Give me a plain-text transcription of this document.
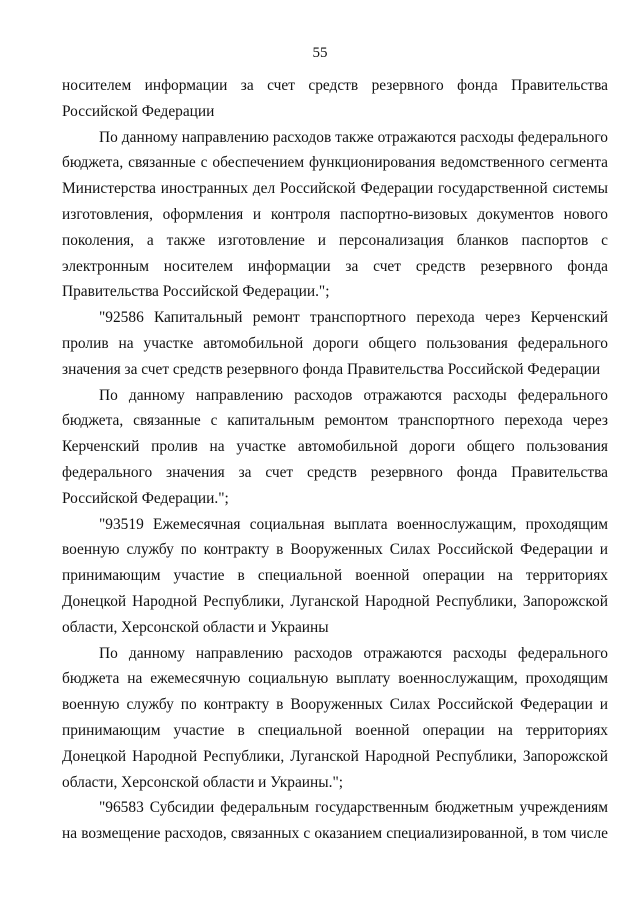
55

носителем информации за счет средств резервного фонда Правительства Российской Федерации

По данному направлению расходов также отражаются расходы федерального бюджета, связанные с обеспечением функционирования ведомственного сегмента Министерства иностранных дел Российской Федерации государственной системы изготовления, оформления и контроля паспортно-визовых документов нового поколения, а также изготовление и персонализация бланков паспортов с электронным носителем информации за счет средств резервного фонда Правительства Российской Федерации.";

"92586 Капитальный ремонт транспортного перехода через Керченский пролив на участке автомобильной дороги общего пользования федерального значения за счет средств резервного фонда Правительства Российской Федерации

По данному направлению расходов отражаются расходы федерального бюджета, связанные с капитальным ремонтом транспортного перехода через Керченский пролив на участке автомобильной дороги общего пользования федерального значения за счет средств резервного фонда Правительства Российской Федерации.";

"93519 Ежемесячная социальная выплата военнослужащим, проходящим военную службу по контракту в Вооруженных Силах Российской Федерации и принимающим участие в специальной военной операции на территориях Донецкой Народной Республики, Луганской Народной Республики, Запорожской области, Херсонской области и Украины

По данному направлению расходов отражаются расходы федерального бюджета на ежемесячную социальную выплату военнослужащим, проходящим военную службу по контракту в Вооруженных Силах Российской Федерации и принимающим участие в специальной военной операции на территориях Донецкой Народной Республики, Луганской Народной Республики, Запорожской области, Херсонской области и Украины.";

"96583 Субсидии федеральным государственным бюджетным учреждениям на возмещение расходов, связанных с оказанием специализированной, в том числе
